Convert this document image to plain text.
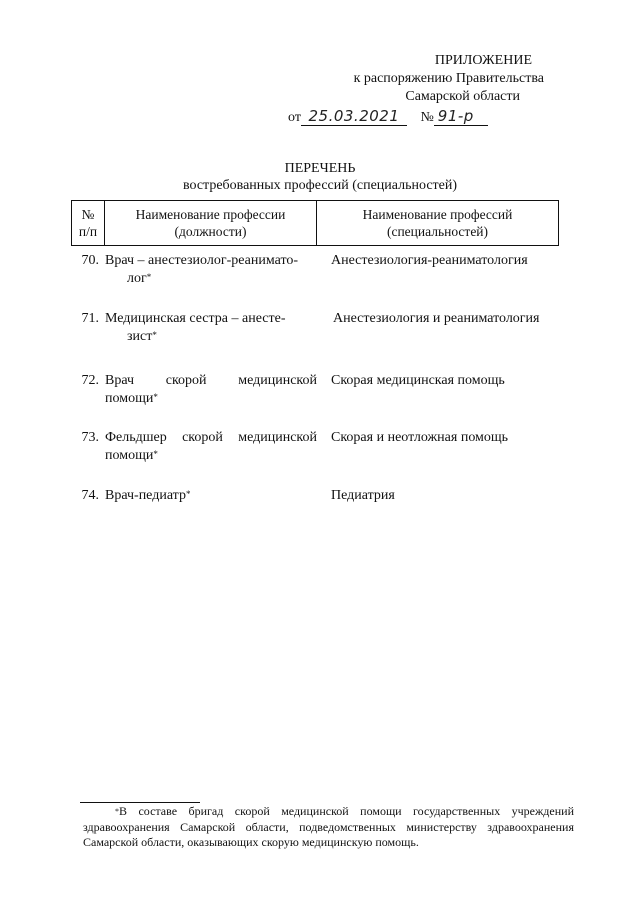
ПРИЛОЖЕНИЕ
к распоряжению Правительства
Самарской области
от 25.03.2021 № 91-р
ПЕРЕЧЕНЬ
востребованных профессий (специальностей)
№ п/п
Наименование профессии (должности)
Наименование профессий (специальностей)
70. Врач – анестезиолог-реанимато-
лог*
Анестезиология-реаниматология
71. Медицинская сестра – анесте-
зист*
Анестезиология и реаниматология
72. Врач скорой медицинской
помощи*
Скорая медицинская помощь
73. Фельдшер скорой медицинской
помощи*
Скорая и неотложная помощь
74. Врач-педиатр*	Педиатрия
*В составе бригад скорой медицинской помощи государственных учреждений здравоохранения Самарской области, подведомственных министерству здравоохранения Самарской области, оказывающих скорую медицинскую помощь.
